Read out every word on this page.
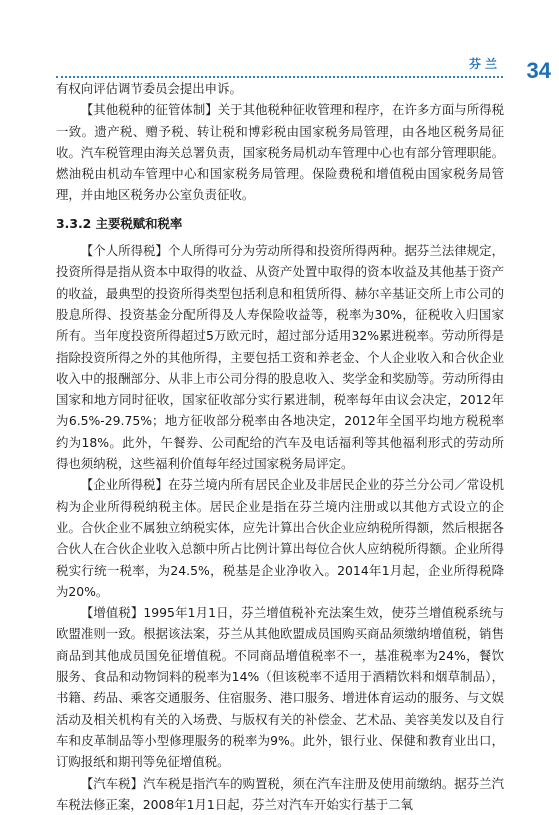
芬兰 34

有权向评估调节委员会提出申诉。

【其他税种的征管体制】关于其他税种征收管理和程序，在许多方面与所得税一致。遗产税、赠予税、转让税和博彩税由国家税务局管理，由各地区税务局征收。汽车税管理由海关总署负责，国家税务局机动车管理中心也有部分管理职能。燃油税由机动车管理中心和国家税务局管理。保险费税和增值税由国家税务局管理，并由地区税务办公室负责征收。

3.3.2 主要税赋和税率

【个人所得税】个人所得可分为劳动所得和投资所得两种。据芬兰法律规定，投资所得是指从资本中取得的收益、从资产处置中取得的资本收益及其他基于资产的收益，最典型的投资所得类型包括利息和租赁所得、赫尔辛基证交所上市公司的股息所得、投资基金分配所得及人寿保险收益等，税率为30%，征税收入归国家所有。当年度投资所得超过5万欧元时，超过部分适用32%累进税率。劳动所得是指除投资所得之外的其他所得，主要包括工资和养老金、个人企业收入和合伙企业收入中的报酬部分、从非上市公司分得的股息收入、奖学金和奖励等。劳动所得由国家和地方同时征收，国家征收部分实行累进制，税率每年由议会决定，2012年为6.5%-29.75%；地方征收部分税率由各地决定，2012年全国平均地方税税率约为18%。此外，午餐券、公司配给的汽车及电话福利等其他福利形式的劳动所得也须纳税，这些福利价值每年经过国家税务局评定。

【企业所得税】在芬兰境内所有居民企业及非居民企业的芬兰分公司／常设机构为企业所得税纳税主体。居民企业是指在芬兰境内注册或以其他方式设立的企业。合伙企业不属独立纳税实体，应先计算出合伙企业应纳税所得额，然后根据各合伙人在合伙企业收入总额中所占比例计算出每位合伙人应纳税所得额。企业所得税实行统一税率，为24.5%，税基是企业净收入。2014年1月起，企业所得税降为20%。

【增值税】1995年1月1日，芬兰增值税补充法案生效，使芬兰增值税系统与欧盟准则一致。根据该法案，芬兰从其他欧盟成员国购买商品须缴纳增值税，销售商品到其他成员国免征增值税。不同商品增值税率不一，基准税率为24%，餐饮服务、食品和动物饲料的税率为14%（但该税率不适用于酒精饮料和烟草制品），书籍、药品、乘客交通服务、住宿服务、港口服务、增进体育运动的服务、与文娱活动及相关机构有关的入场费、与版权有关的补偿金、艺术品、美容美发以及自行车和皮革制品等小型修理服务的税率为9%。此外，银行业、保健和教育业出口，订购报纸和期刊等免征增值税。

【汽车税】汽车税是指汽车的购置税，须在汽车注册及使用前缴纳。据芬兰汽车税法修正案，2008年1月1日起，芬兰对汽车开始实行基于二氧
